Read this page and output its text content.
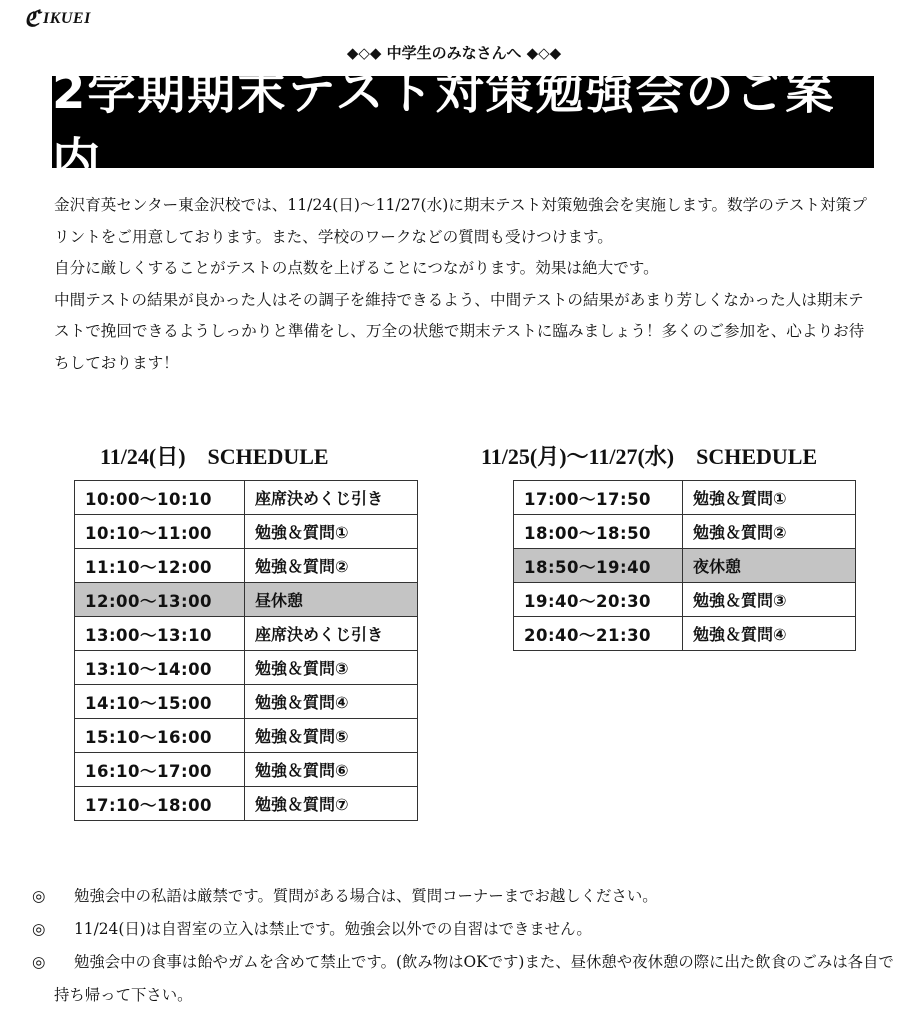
ℭ IKUEI
◆◇◆ 中学生のみなさんへ ◆◇◆
2学期期末テスト対策勉強会のご案内

金沢育英センター東金沢校では、11/24(日)～11/27(水)に期末テスト対策勉強会を実施します。数学のテスト対策プリントをご用意しております。また、学校のワークなどの質問も受けつけます。

自分に厳しくすることがテストの点数を上げることにつながります。効果は絶大です。

中間テストの結果が良かった人はその調子を維持できるよう、中間テストの結果があまり芳しくなかった人は期末テストで挽回できるようしっかりと準備をし、万全の状態で期末テストに臨みましょう！多くのご参加を、心よりお待ちしております！

11/24(日)　SCHEDULE	11/25(月)～11/27(水)　SCHEDULE
10:00～10:10	座席決めくじ引き
10:10～11:00	勉強＆質問①
11:10～12:00	勉強＆質問②
12:00～13:00	昼休憩
13:00～13:10	座席決めくじ引き
13:10～14:00	勉強＆質問③
14:10～15:00	勉強＆質問④
15:10～16:00	勉強＆質問⑤
16:10～17:00	勉強＆質問⑥
17:10～18:00	勉強＆質問⑦
17:00～17:50	勉強＆質問①
18:00～18:50	勉強＆質問②
18:50～19:40	夜休憩
19:40～20:30	勉強＆質問③
20:40～21:30	勉強＆質問④
◎	勉強会中の私語は厳禁です。質問がある場合は、質問コーナーまでお越しください。
◎	11/24(日)は自習室の立入は禁止です。勉強会以外での自習はできません。
◎	勉強会中の食事は飴やガムを含めて禁止です。(飲み物はOKです)また、昼休憩や夜休憩の際に出た飲食のごみは各自で持ち帰って下さい。
